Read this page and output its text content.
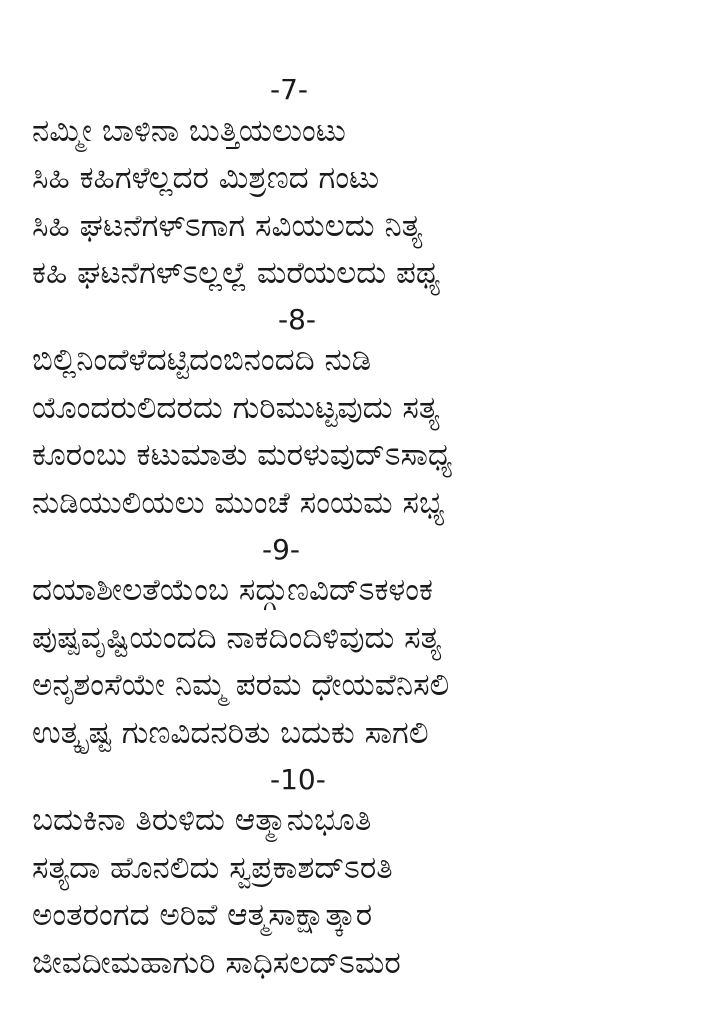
-7-
ನಮ್ಮೀ ಬಾಳಿನಾ ಬುತ್ತಿಯಲುಂಟು
ಸಿಹಿ ಕಹಿಗಳೆಲ್ಲದರ ಮಿಶ್ರಣದ ಗಂಟು
ಸಿಹಿ ಘಟನೆಗಳ್ಽಗಾಗ ಸವಿಯಲದು ನಿತ್ಯ
ಕಹಿ ಘಟನೆಗಳ್ಽಲ್ಲಲ್ಲೆ ಮರೆಯಲದು ಪಥ್ಯ
-8-
ಬಿಲ್ಲಿನಿಂದೆಳೆದಟ್ಟಿದಂಬಿನಂದದಿ ನುಡಿ
ಯೊಂದರುಲಿದರದು ಗುರಿಮುಟ್ಟವುದು ಸತ್ಯ
ಕೂರಂಬು ಕಟುಮಾತು ಮರಳುವುದ್ಽಸಾಧ್ಯ
ನುಡಿಯುಲಿಯಲು ಮುಂಚೆ ಸಂಯಮ ಸಭ್ಯ
-9-
ದಯಾಶೀಲತೆಯೆಂಬ ಸದ್ಗುಣವಿದ್ಽಕಳಂಕ
ಪುಷ್ಪವೃಷ್ಟಿಯಂದದಿ ನಾಕದಿಂದಿಳಿವುದು ಸತ್ಯ
ಅನೃಶಂಸೆಯೇ ನಿಮ್ಮ ಪರಮ ಧೇಯವೆನಿಸಲಿ
ಉತ್ಕೃಷ್ಟ ಗುಣವಿದನರಿತು ಬದುಕು ಸಾಗಲಿ
-10-
ಬದುಕಿನಾ ತಿರುಳಿದು ಆತ್ಮಾನುಭೂತಿ
ಸತ್ಯದಾ ಹೊನಲಿದು ಸ್ವಪ್ರಕಾಶದ್ಽರತಿ
ಅಂತರಂಗದ ಅರಿವೆ ಆತ್ಮಸಾಕ್ಷಾತ್ಕಾರ
ಜೀವದೀಮಹಾಗುರಿ ಸಾಧಿಸಲದ್ಽಮರ
